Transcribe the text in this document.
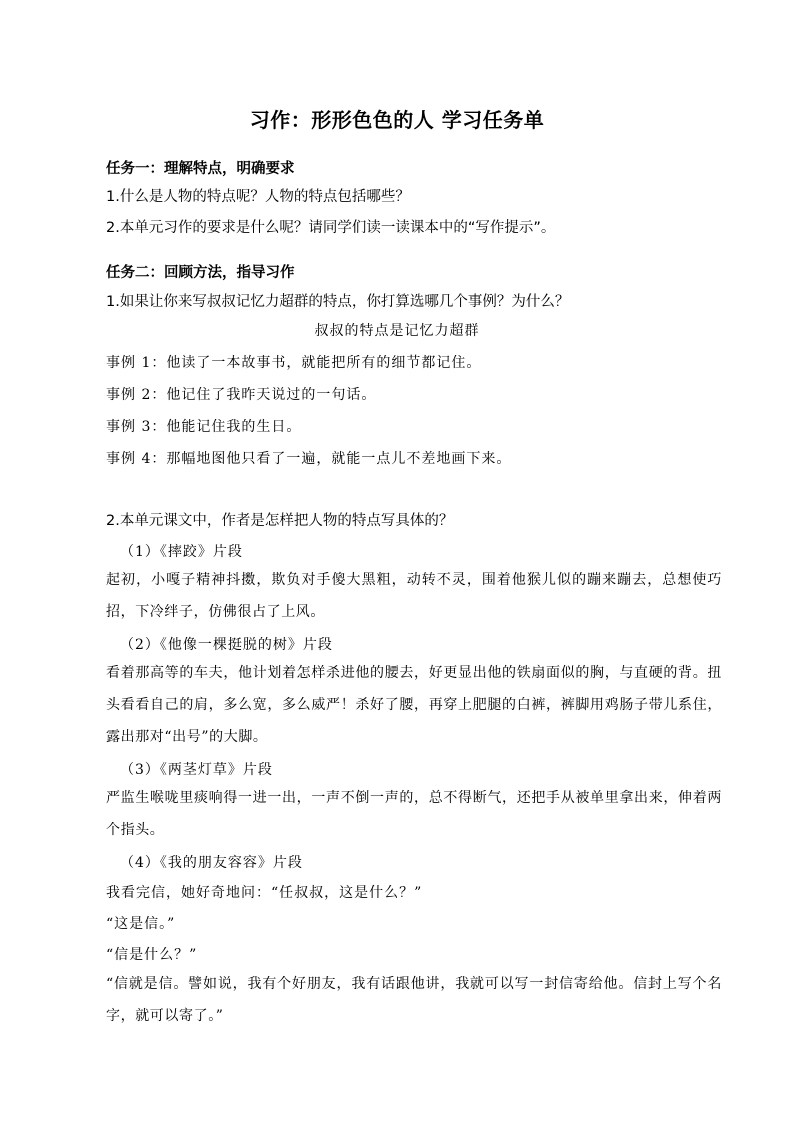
习作：形形色色的人 学习任务单
任务一：理解特点，明确要求
1.什么是人物的特点呢？人物的特点包括哪些？
2.本单元习作的要求是什么呢？请同学们读一读课本中的“写作提示”。
任务二：回顾方法，指导习作
1.如果让你来写叔叔记忆力超群的特点，你打算选哪几个事例？为什么？
叔叔的特点是记忆力超群
事例 1：他读了一本故事书，就能把所有的细节都记住。
事例 2：他记住了我昨天说过的一句话。
事例 3：他能记住我的生日。
事例 4：那幅地图他只看了一遍，就能一点儿不差地画下来。
2.本单元课文中，作者是怎样把人物的特点写具体的？
（1）《摔跤》片段
起初，小嘎子精神抖擞，欺负对手傻大黑粗，动转不灵，围着他猴儿似的蹦来蹦去，总想使巧招，下冷绊子，仿佛很占了上风。
（2）《他像一棵挺脱的树》片段
看着那高等的车夫，他计划着怎样杀进他的腰去，好更显出他的铁扇面似的胸，与直硬的背。扭头看看自己的肩，多么宽，多么威严！杀好了腰，再穿上肥腿的白裤，裤脚用鸡肠子带儿系住，露出那对“出号”的大脚。
（3）《两茎灯草》片段
严监生喉咙里痰响得一进一出，一声不倒一声的，总不得断气，还把手从被单里拿出来，伸着两个指头。
（4）《我的朋友容容》片段
我看完信，她好奇地问：“任叔叔，这是什么？”
“这是信。”
“信是什么？”
“信就是信。譬如说，我有个好朋友，我有话跟他讲，我就可以写一封信寄给他。信封上写个名字，就可以寄了。”
